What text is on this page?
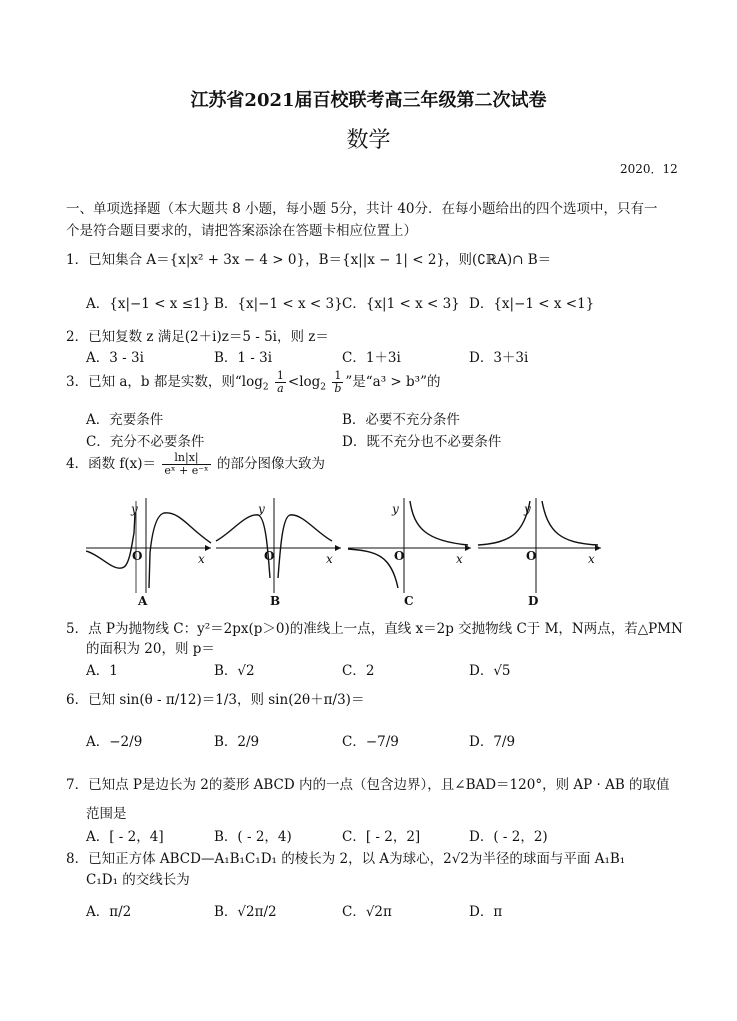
江苏省2021届百校联考高三年级第二次试卷
数学
2020．12
一、单项选择题（本大题共 8 小题，每小题 5分，共计 40分．在每小题给出的四个选项中，只有一
个是符合题目要求的，请把答案添涂在答题卡相应位置上）
1．已知集合 A＝{x|x² + 3x − 4 > 0}，B＝{x||x − 1| < 2}，则(∁ℝA)∩ B＝
A．{x|−1 < x ≤1} B．{x|−1 < x < 3} C．{x|1 < x < 3} D．{x|−1 < x <1}
2．已知复数 z 满足(2＋i)z＝5 - 5i，则 z＝
A．3 - 3i	B．1 - 3i	C．1＋3i	D．3＋3i
3．已知 a，b 都是实数，则“$\log_2 \frac{1}{a} <\log_2 \frac{1}{b}$ ”是“a³ > b³”的
A．充要条件	B．必要不充分条件
C．充分不必要条件	D．既不充分也不必要条件
4．函数 $f(x)= \frac{\ln|x|}{\text{eˣ + e⁻ˣ}}$ 的部分图像大致为
y
x
O
A
y
x
O
B
y
x
O
C
y
x
O
D
5．点 P为抛物线 C：y²＝2px(p＞0)的准线上一点，直线 x＝2p 交抛物线 C于 M，N两点，若△PMN
的面积为 20，则 p＝
A．1	B．√2	C．2	D．√5
6．已知 sin(θ - π/12)＝1/3，则 sin(2θ＋π/3)＝
A．−2/9	B．2/9	C．−7/9	D．7/9
7．已知点 P是边长为 2的菱形 ABCD 内的一点（包含边界），且∠BAD＝120°，则 AP · AB 的取值
范围是
A．[ - 2，4]	B．( - 2，4)	C．[ - 2，2]	D．( - 2，2)
8．已知正方体 ABCD—A₁B₁C₁D₁ 的棱长为 2，以 A为球心，2√2为半径的球面与平面 A₁B₁
C₁D₁ 的交线长为
A．π/2	B．√2π/2	C．√2π	D．π
